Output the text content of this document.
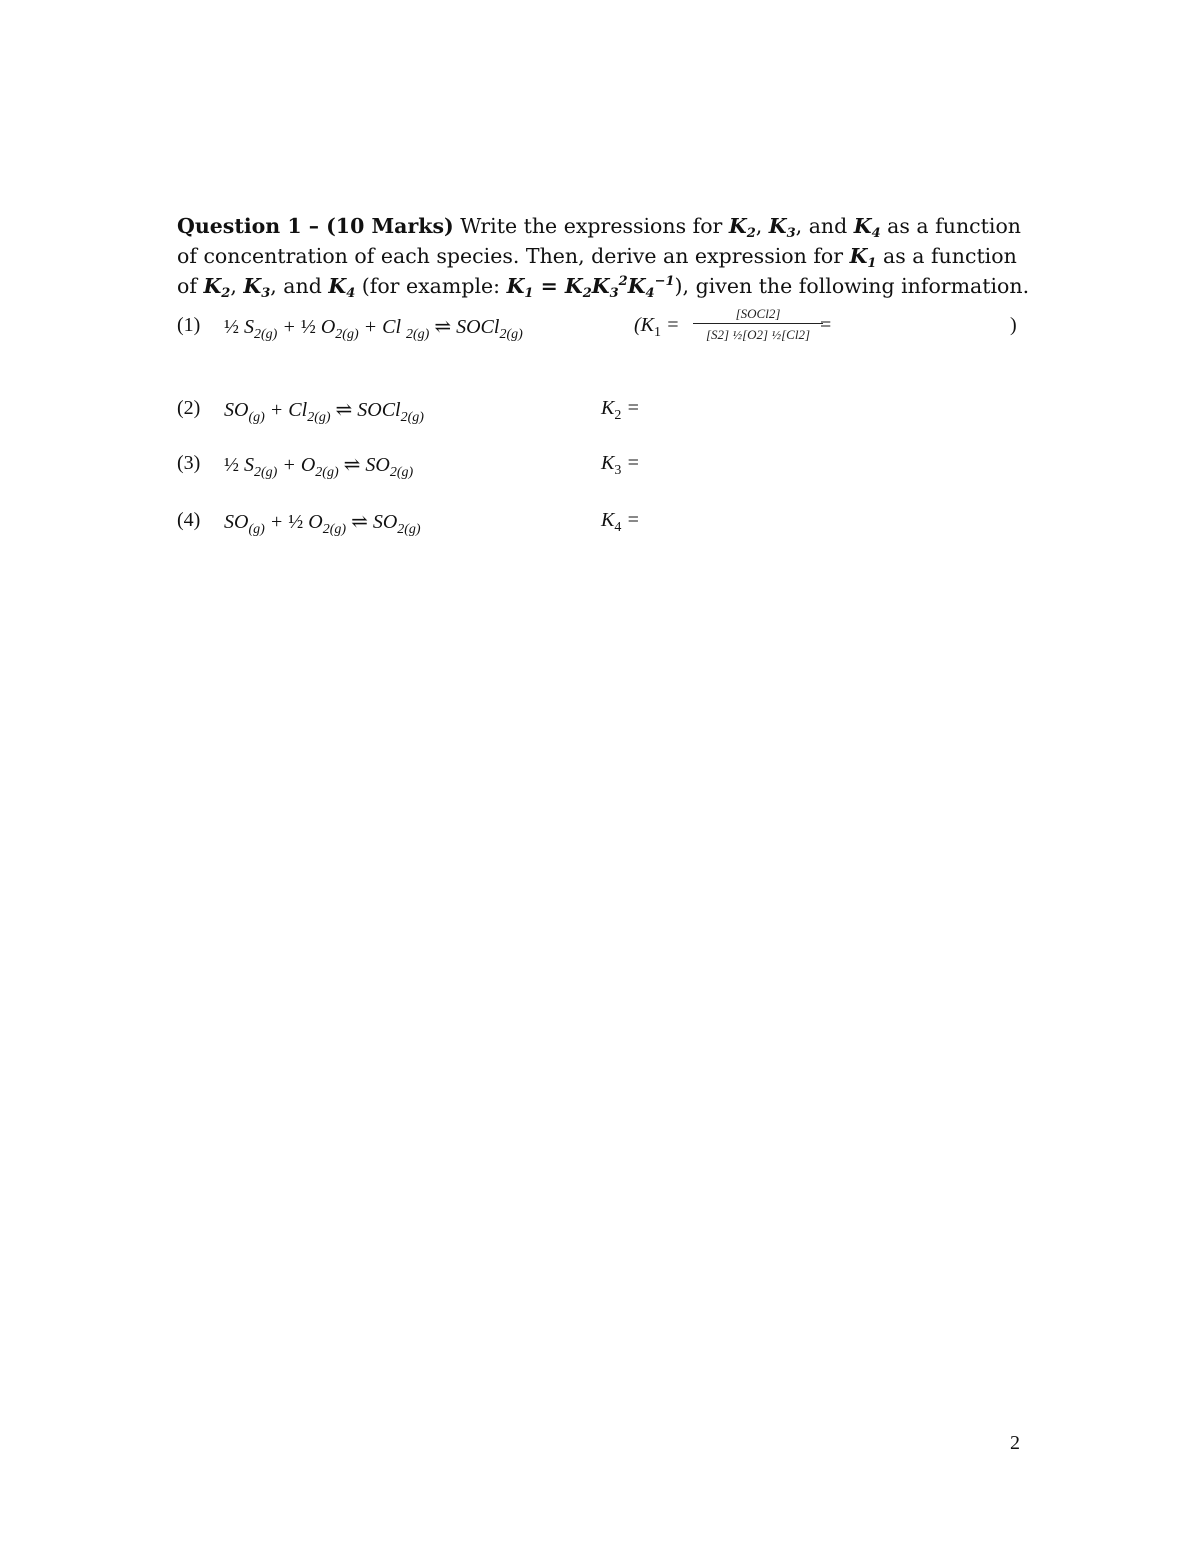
Question 1 – (10 Marks) Write the expressions for $K_2$, $K_3$, and $K_4$ as a function of concentration of each species. Then, derive an expression for $K_1$ as a function of $K_2$, $K_3$, and $K_4$ (for example: $K_1 = K_2K_3^2K_4^{-1}$), given the following information.
(1) ½ $S_{2(g)}$ + ½ $O_{2(g)} + Cl$ $_{2(g)}$ ⇌ SOCl$_{2(g)}$	($K_1$ =
[SOCl2]
[S2] ½[O2] ½[Cl2] =	)
(2) $SO_{(g)} + Cl_{2(g)}$ ⇌ SOCl$_{2(g)}$	$K_2$ =
(3) ½ $S_{2(g)} + O_{2(g)}$ ⇌ $SO_{2(g)}$	$K_3$ =
(4) $SO_{(g)}$ + ½ $O_{2(g)}$ ⇌ $SO_{2(g)}$	$K_4$ =
2
